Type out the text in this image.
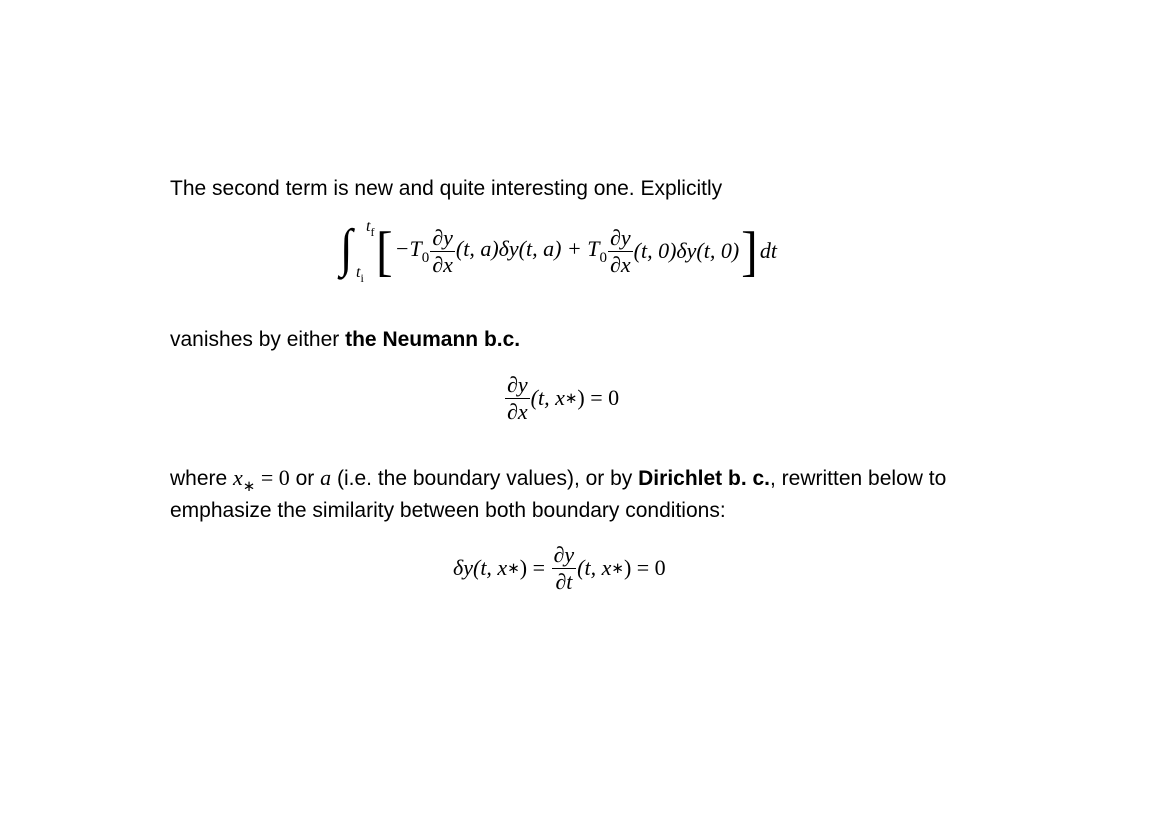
The second term is new and quite interesting one. Explicitly
∫ $t_f$
$t_i$ [ $-T_0 \frac{\partial y}{\partial x} (t$, a)δy(t, $a) + T_0 \frac{\partial y}{\partial x} (t$, 0)δy(t, 0) ] dt
vanishes by either the Neumann b.c.
$\frac{\partial y}{\partial x} (t$, x ∗ ) = 0
where $x_∗ = 0$ or a (i.e. the boundary values), or by Dirichlet b. c., rewritten below to
emphasize the similarity between both boundary conditions:
δy(t, x ∗ ) = $\frac{\partial y}{\partial t} (t$, x ∗ ) = 0
